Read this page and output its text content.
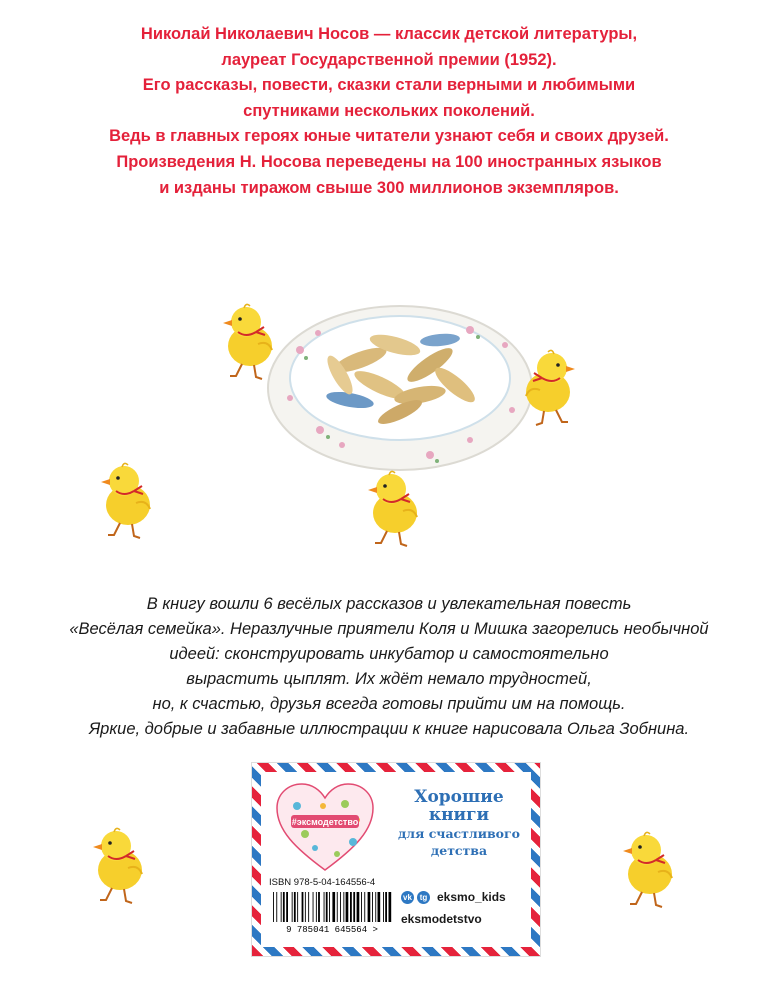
Николай Николаевич Носов — классик детской литературы,
лауреат Государственной премии (1952).
Его рассказы, повести, сказки стали верными и любимыми
спутниками нескольких поколений.
Ведь в главных героях юные читатели узнают себя и своих друзей.
Произведения Н. Носова переведены на 100 иностранных языков
и изданы тиражом свыше 300 миллионов экземпляров.
В книгу вошли 6 весёлых рассказов и увлекательная повесть
«Весёлая семейка». Неразлучные приятели Коля и Мишка загорелись необычной
идеей: сконструировать инкубатор и самостоятельно
вырастить цыплят. Их ждёт немало трудностей,
но, к счастью, друзья всегда готовы прийти им на помощь.
Яркие, добрые и забавные иллюстрации к книге нарисовала Ольга Зобнина.
#эксмодетство
Хорошие
книги
для счастливого
детства
ISBN 978-5-04-164556-4
9 785041 645564 >
vk tg eksmo_kids
eksmodetstvo
